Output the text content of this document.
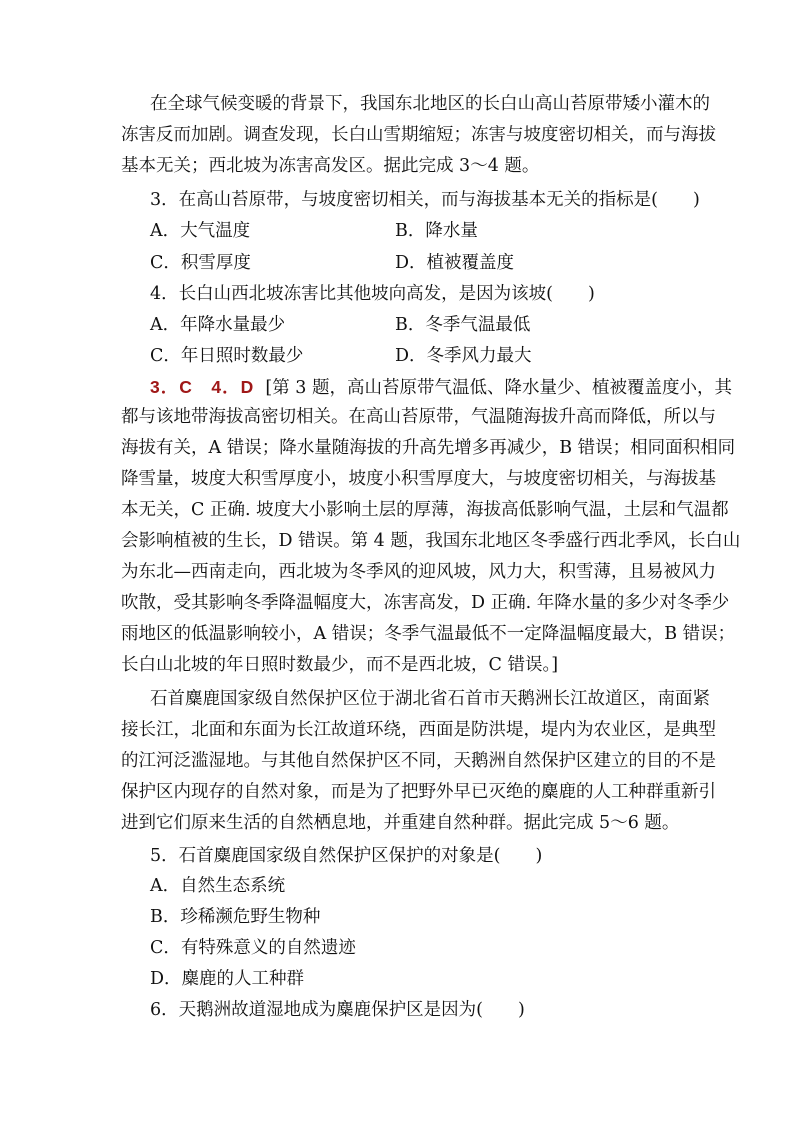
在全球气候变暖的背景下，我国东北地区的长白山高山苔原带矮小灌木的
冻害反而加剧。调查发现，长白山雪期缩短；冻害与坡度密切相关，而与海拔
基本无关；西北坡为冻害高发区。据此完成 3～4 题。
3．在高山苔原带，与坡度密切相关，而与海拔基本无关的指标是(　　)
A．大气温度	B．降水量
C．积雪厚度	D．植被覆盖度
4．长白山西北坡冻害比其他坡向高发，是因为该坡(　　)
A．年降水量最少	B．冬季气温最低
C．年日照时数最少	D．冬季风力最大
3．C　4．D [第 3 题，高山苔原带气温低、降水量少、植被覆盖度小，其
都与该地带海拔高密切相关。在高山苔原带，气温随海拔升高而降低，所以与
海拔有关，A 错误；降水量随海拔的升高先增多再减少，B 错误；相同面积相同
降雪量，坡度大积雪厚度小，坡度小积雪厚度大，与坡度密切相关，与海拔基
本无关，C 正确. 坡度大小影响土层的厚薄，海拔高低影响气温，土层和气温都
会影响植被的生长，D 错误。第 4 题，我国东北地区冬季盛行西北季风，长白山
为东北—西南走向，西北坡为冬季风的迎风坡，风力大，积雪薄，且易被风力
吹散，受其影响冬季降温幅度大，冻害高发，D 正确. 年降水量的多少对冬季少
雨地区的低温影响较小，A 错误；冬季气温最低不一定降温幅度最大，B 错误；
长白山北坡的年日照时数最少，而不是西北坡，C 错误。]
石首麋鹿国家级自然保护区位于湖北省石首市天鹅洲长江故道区，南面紧
接长江，北面和东面为长江故道环绕，西面是防洪堤，堤内为农业区，是典型
的江河泛滥湿地。与其他自然保护区不同，天鹅洲自然保护区建立的目的不是
保护区内现存的自然对象，而是为了把野外早已灭绝的麋鹿的人工种群重新引
进到它们原来生活的自然栖息地，并重建自然种群。据此完成 5～6 题。
5．石首麋鹿国家级自然保护区保护的对象是(　　)
A．自然生态系统
B．珍稀濒危野生物种
C．有特殊意义的自然遗迹
D．麋鹿的人工种群
6．天鹅洲故道湿地成为麋鹿保护区是因为(　　)
